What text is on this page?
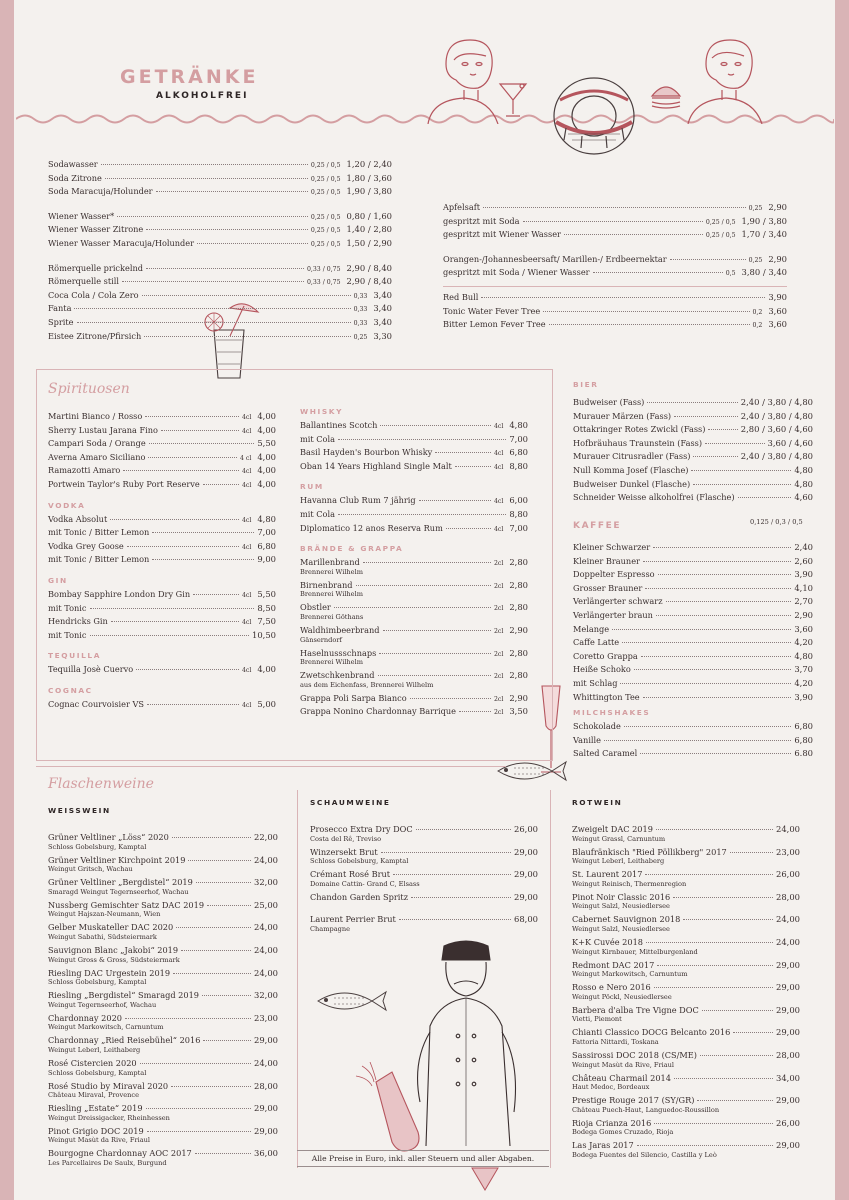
GETRÄNKE
ALKOHOLFREI
Sodawasser	0,25 / 0,5 1,20 / 2,40
Soda Zitrone	0,25 / 0,5 1,80 / 3,60
Soda Maracuja/Holunder	0,25 / 0,5 1,90 / 3,80
Wiener Wasser*	0,25 / 0,5 0,80 / 1,60
Wiener Wasser Zitrone	0,25 / 0,5 1,40 / 2,80
Wiener Wasser Maracuja/Holunder	0,25 / 0,5 1,50 / 2,90
Römerquelle prickelnd	0,33 / 0,75 2,90 / 8,40
Römerquelle still	0,33 / 0,75 2,90 / 8,40
Coca Cola / Cola Zero	0,33 3,40
Fanta	0,33 3,40
Sprite	0,33 3,40
Eistee Zitrone/Pfirsich	0,25 3,30
Apfelsaft	0,25 2,90
gespritzt mit Soda	0,25 / 0,5 1,90 / 3,80
gespritzt mit Wiener Wasser	0,25 / 0,5 1,70 / 3,40
Orangen-/Johannesbeersaft/ Marillen-/ Erdbeernektar	0,25 2,90
gespritzt mit Soda / Wiener Wasser	0,5 3,80 / 3,40
Red Bull	3,90
Tonic Water Fever Tree	0,2 3,60
Bitter Lemon Fever Tree	0,2 3,60
Spirituosen
Martini Bianco / Rosso	4cl 4,00
Sherry Lustau Jarana Fino	4cl 4,00
Campari Soda / Orange	5,50
Averna Amaro Siciliano	4 cl 4,00
Ramazotti Amaro	4cl 4,00
Portwein Taylor's Ruby Port Reserve	4cl 4,00
VODKA
Vodka Absolut	4cl 4,80
mit Tonic / Bitter Lemon	7,00
Vodka Grey Goose	4cl 6,80
mit Tonic / Bitter Lemon	9,00
GIN
Bombay Sapphire London Dry Gin	4cl 5,50
mit Tonic	8,50
Hendricks Gin	4cl 7,50
mit Tonic	10,50
TEQUILLA
Tequilla Josè Cuervo	4cl 4,00
COGNAC
Cognac Courvoisier VS	4cl 5,00
WHISKY
Ballantines Scotch	4cl 4,80
mit Cola	7,00
Basil Hayden's Bourbon Whisky	4cl 6,80
Oban 14 Years Highland Single Malt	4cl 8,80
RUM
Havanna Club Rum 7 jährig	4cl 6,00
mit Cola	8,80
Diplomatico 12 anos Reserva Rum	4cl 7,00
BRÄNDE & GRAPPA
Marillenbrand	2cl 2,80
Brennerei Wilhelm
Birnenbrand	2cl 2,80
Brennerei Wilhelm
Obstler	2cl 2,80
Brennerei Göthans
Waldhimbeerbrand	2cl 2,90
Gänserndorf
Haselnussschnaps	2cl 2,80
Brennerei Wilhelm
Zwetschkenbrand	2cl 2,80
aus dem Eichenfass, Brennerei Wilhelm
Grappa Poli Sarpa Bianco	2cl 2,90
Grappa Nonino Chardonnay Barrique	2cl 3,50
BIER
Budweiser (Fass)	2,40 / 3,80 / 4,80
Murauer Märzen (Fass)	2,40 / 3,80 / 4,80
Ottakringer Rotes Zwickl (Fass)	2,80 / 3,60 / 4,60
Hofbräuhaus Traunstein (Fass)	3,60 / 4,60
Murauer Citrusradler (Fass)	2,40 / 3,80 / 4,80
Null Komma Josef (Flasche)	4,80
Budweiser Dunkel (Flasche)	4,80
Schneider Weisse alkoholfrei (Flasche)	4,60
KAFFEE	0,125 / 0,3 / 0,5
Kleiner Schwarzer	2,40
Kleiner Brauner	2,60
Doppelter Espresso	3,90
Grosser Brauner	4,10
Verlängerter schwarz	2,70
Verlängerter braun	2,90
Melange	3,60
Caffe Latte	4,20
Coretto Grappa	4,80
Heiße Schoko	3,70
mit Schlag	4,20
Whittington Tee	3,90
MILCHSHAKES
Schokolade	6,80
Vanille	6,80
Salted Caramel	6.80
Flaschenweine
WEISSWEIN
Grüner Veltliner „Löss“ 2020	22,00
Schloss Gobelsburg, Kamptal
Grüner Veltliner Kirchpoint 2019	24,00
Weingut Gritsch, Wachau
Grüner Veltliner „Bergdistel“ 2019	32,00
Smaragd Weingut Tegernseerhof, Wachau
Nussberg Gemischter Satz DAC 2019	25,00
Weingut Hajszan-Neumann, Wien
Gelber Muskateller DAC 2020	24,00
Weingut Sabathi, Südsteiermark
Sauvignon Blanc „Jakobi“ 2019	24,00
Weingut Gross & Gross, Südsteiermark
Riesling DAC Urgestein 2019	24,00
Schloss Gobelsburg, Kamptal
Riesling „Bergdistel“ Smaragd 2019	32,00
Weingut Tegernseerhof, Wachau
Chardonnay 2020	23,00
Weingut Markowitsch, Carnuntum
Chardonnay „Ried Reisebühel“ 2016	29,00
Weingut Leberl, Leithaberg
Rosé Cistercien 2020	24,00
Schloss Gobelsburg, Kamptal
Rosé Studio by Miraval 2020	28,00
Château Miraval, Provence
Riesling „Estate“ 2019	29,00
Weingut Dreissigacker, Rheinhessen
Pinot Grigio DOC 2019	29,00
Weingut Masùt da Rive, Friaul
Bourgogne Chardonnay AOC 2017	36,00
Les Parcellaires De Saulx, Burgund
SCHAUMWEINE
Prosecco Extra Dry DOC	26,00
Costa del Rê, Treviso
Winzersekt Brut	29,00
Schloss Gobelsburg, Kamptal
Crémant Rosé Brut	29,00
Domaine Cattin- Grand C, Elsass
Chandon Garden Spritz	29,00
Laurent Perrier Brut	68,00
Champagne
ROTWEIN
Zweigelt DAC 2019	24,00
Weingut Grassl, Carnuntum
Blaufränkisch "Ried Pöllikberg" 2017	23,00
Weingut Leberl, Leithaberg
St. Laurent 2017	26,00
Weingut Reinisch, Thermenregion
Pinot Noir Classic 2016	28,00
Weingut Salzl, Neusiedlersee
Cabernet Sauvignon 2018	24,00
Weingut Salzl, Neusiedlersee
K+K Cuvée 2018	24,00
Weingut Kirnbauer, Mittelburgenland
Redmont DAC 2017	29,00
Weingut Markowitsch, Carnuntum
Rosso e Nero 2016	29,00
Weingut Pöckl, Neusiedlersee
Barbera d'alba Tre Vigne DOC	29,00
Vietti, Piemont
Chianti Classico DOCG Belcanto 2016	29,00
Fattoria Nittardi, Toskana
Sassirossi DOC 2018 (CS/ME)	28,00
Weingut Masùt da Rive, Friaul
Château Charmail 2014	34,00
Haut Medoc, Bordeaux
Prestige Rouge 2017 (SY/GR)	29,00
Château Puech-Haut, Languedoc-Roussillon
Rioja Crianza 2016	26,00
Bodega Gomes Cruzado, Rioja
Las Jaras 2017	29,00
Bodega Fuentes del Silencio, Castilla y Leò
Alle Preise in Euro, inkl. aller Steuern und aller Abgaben.
